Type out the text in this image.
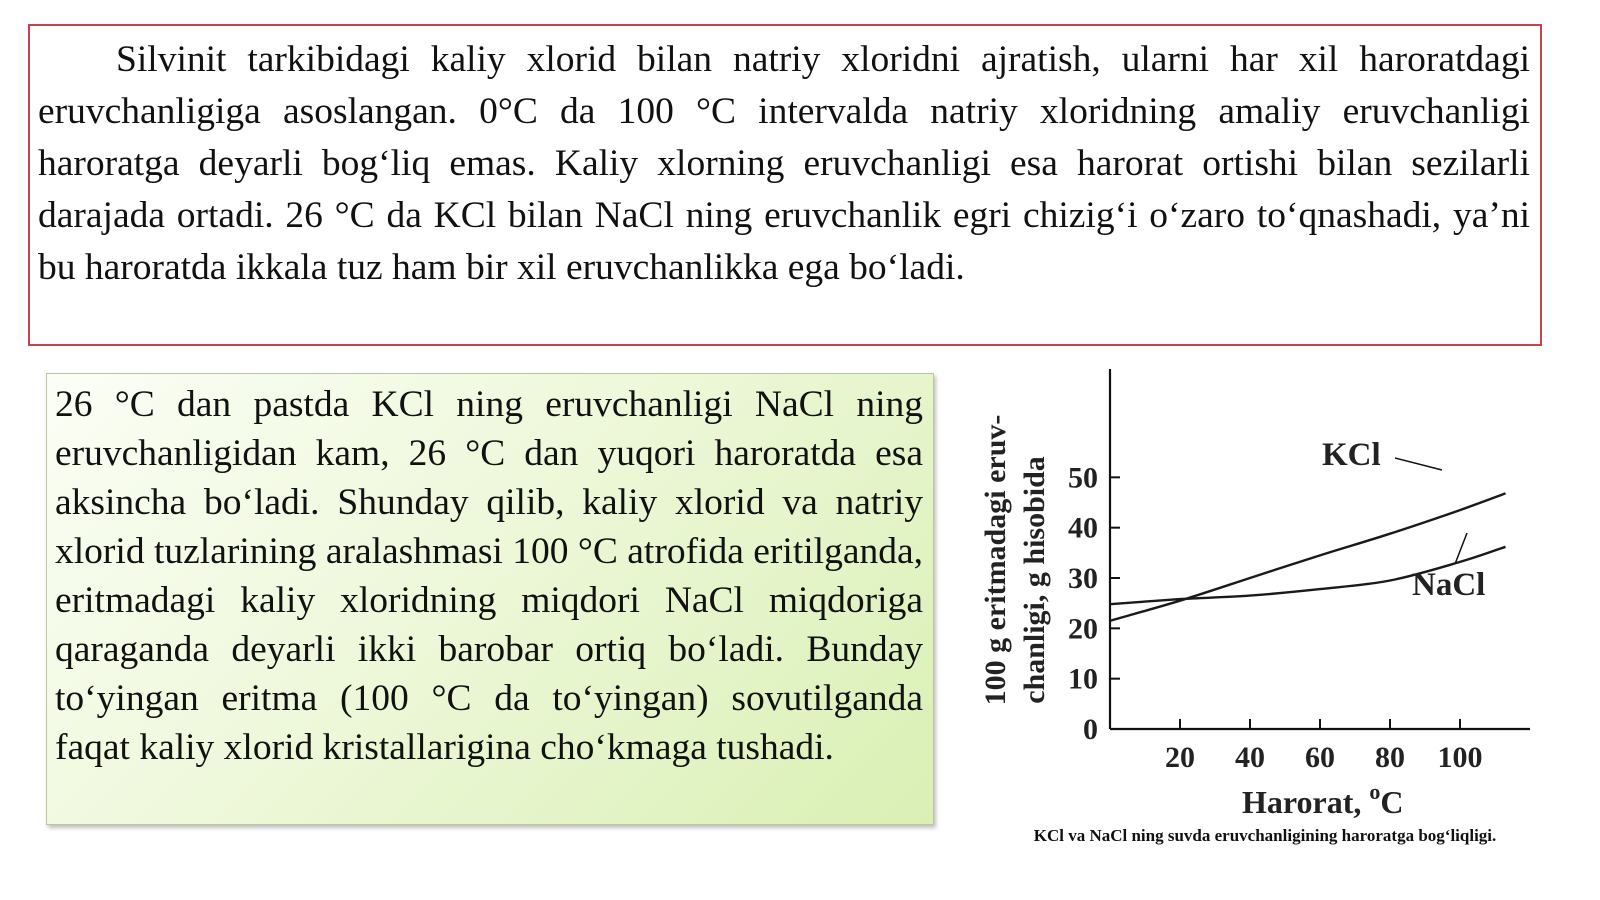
Silvinit tarkibidagi kaliy xlorid bilan natriy xloridni ajratish, ularni har xil haroratdagi eruvchanligiga asoslangan. 0°C da 100 °C intervalda natriy xloridning amaliy eruvchanligi haroratga deyarli bog‘liq emas. Kaliy xlorning eruvchanligi esa harorat ortishi bilan sezilarli darajada ortadi. 26 °C da KCl bilan NaCl ning eruvchanlik egri chizig‘i o‘zaro to‘qnashadi, ya’ni bu haroratda ikkala tuz ham bir xil eruvchanlikka ega bo‘ladi.

26 °C dan pastda KCl ning eruvchanligi NaCl ning eruvchanligidan kam, 26 °C dan yuqori haroratda esa aksincha bo‘ladi. Shunday qilib, kaliy xlorid va natriy xlorid tuzlarining aralashmasi 100 °C atrofida eritilganda, eritmadagi kaliy xloridning miqdori NaCl miqdoriga qaraganda deyarli ikki barobar ortiq bo‘ladi. Bunday to‘yingan eritma (100 °C da to‘yingan) sovutilganda faqat kaliy xlorid kristallarigina cho‘kmaga tushadi.	20 40 60 80 100
0
10
20
30
40
50
KCl
NaCl
100 g eritmadagi eruv- chanligi, g hisobida
Harorat, $^o$C
KCl va NaCl ning suvda eruvchanligining haroratga bog‘liqligi.
